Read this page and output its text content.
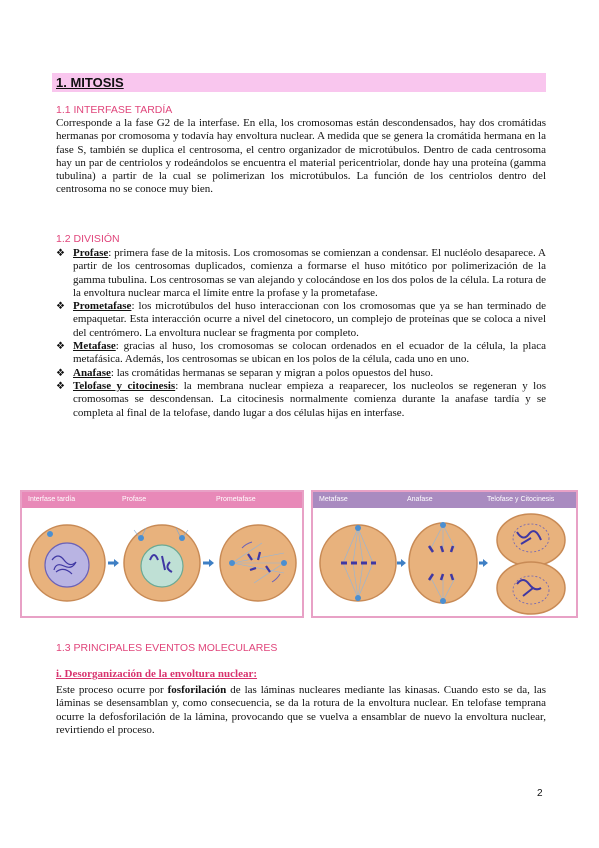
1. MITOSIS
1.1 INTERFASE TARDÍA
Corresponde a la fase G2 de la interfase. En ella, los cromosomas están descondensados, hay dos cromátidas hermanas por cromosoma y todavía hay envoltura nuclear. A medida que se genera la cromátida hermana en la fase S, también se duplica el centrosoma, el centro organizador de microtúbulos. Dentro de cada centrosoma hay un par de centriolos y rodeándolos se encuentra el material pericentriolar, donde hay una proteína (gamma tubulina) a partir de la cual se polimerizan los microtúbulos. La función de los centriolos dentro del centrosoma no se conoce muy bien.
1.2 DIVISIÓN
❖ Profase: primera fase de la mitosis. Los cromosomas se comienzan a condensar. El nucléolo desaparece. A partir de los centrosomas duplicados, comienza a formarse el huso mitótico por polimerización de la gamma tubulina. Los centrosomas se van alejando y colocándose en los dos polos de la célula. La rotura de la envoltura nuclear marca el límite entre la profase y la prometafase.
❖ Prometafase: los microtúbulos del huso interaccionan con los cromosomas que ya se han terminado de empaquetar. Esta interacción ocurre a nivel del cinetocoro, un complejo de proteínas que se coloca a nivel del centrómero. La envoltura nuclear se fragmenta por completo.
❖ Metafase: gracias al huso, los cromosomas se colocan ordenados en el ecuador de la célula, la placa metafásica. Además, los centrosomas se ubican en los polos de la célula, cada uno en uno.
❖ Anafase: las cromátidas hermanas se separan y migran a polos opuestos del huso.
❖ Telofase y citocinesis: la membrana nuclear empieza a reaparecer, los nucleolos se regeneran y los cromosomas se descondensan. La citocinesis normalmente comienza durante la anafase tardía y se completa al final de la telofase, dando lugar a dos células hijas en interfase.
Interfase tardía	Profase	Prometafase	Metafase	Anafase	Telofase y Citocinesis
1.3 PRINCIPALES EVENTOS MOLECULARES
i. Desorganización de la envoltura nuclear:
Este proceso ocurre por fosforilación de las láminas nucleares mediante las kinasas. Cuando esto se da, las láminas se desensamblan y, como consecuencia, se da la rotura de la envoltura nuclear. En telofase temprana ocurre la defosforilación de la lámina, provocando que se vuelva a ensamblar de nuevo la envoltura nuclear, revirtiendo el proceso.
2
